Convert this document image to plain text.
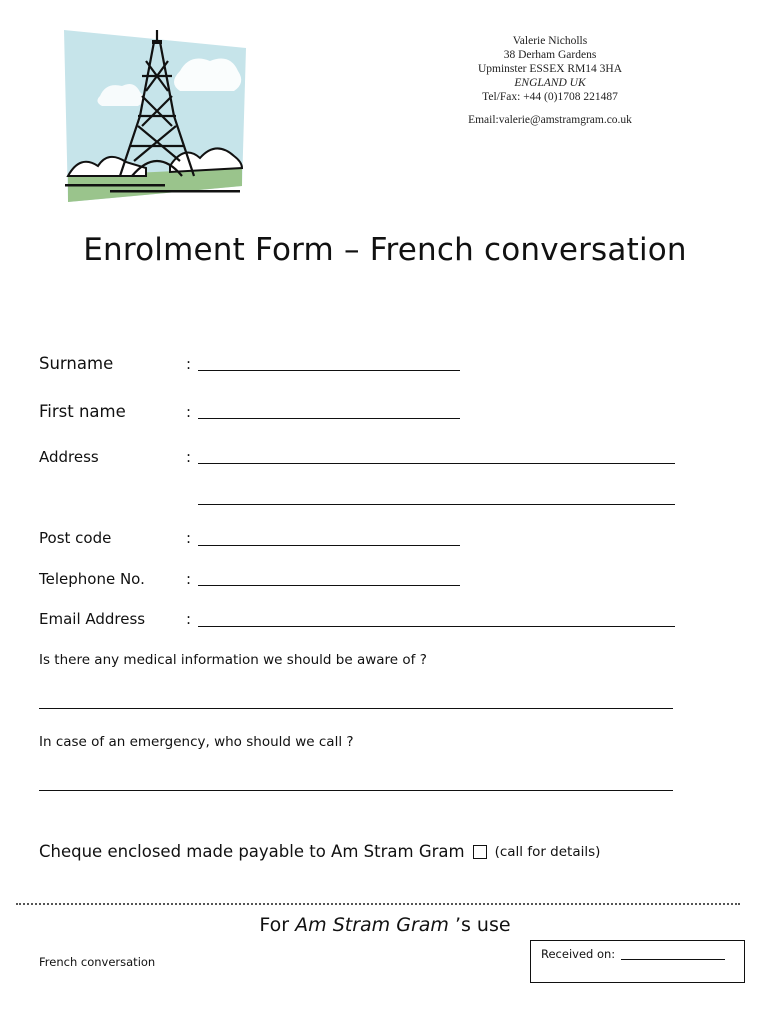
Valerie Nicholls
38 Derham Gardens
Upminster ESSEX RM14 3HA
ENGLAND UK
Tel/Fax: +44 (0)1708 221487
Email:valerie@amstramgram.co.uk
Enrolment Form – French conversation
Surname	:
First name	:
Address	:
Post code	:
Telephone No.	:
Email Address	:
Is there any medical information we should be aware of ?
In case of an emergency, who should we call ?
Cheque enclosed made payable to Am Stram Gram (call for details)
For Am Stram Gram ’s use
French conversation
Received on:
